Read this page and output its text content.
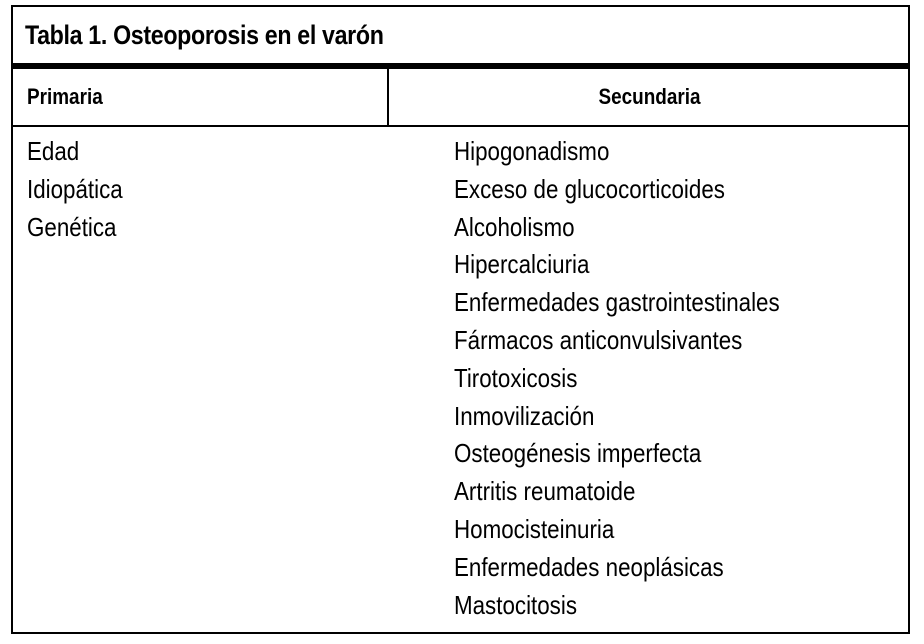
Tabla 1. Osteoporosis en el varón
Primaria	Secundaria
Edad
Idiopática
Genética
Hipogonadismo
Exceso de glucocorticoides
Alcoholismo
Hipercalciuria
Enfermedades gastrointestinales
Fármacos anticonvulsivantes
Tirotoxicosis
Inmovilización
Osteogénesis imperfecta
Artritis reumatoide
Homocisteinuria
Enfermedades neoplásicas
Mastocitosis
